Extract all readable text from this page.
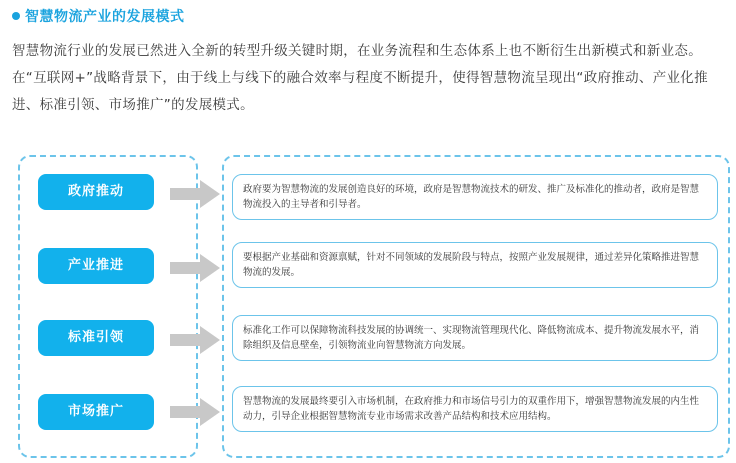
智慧物流产业的发展模式
智慧物流行业的发展已然进入全新的转型升级关键时期，在业务流程和生态体系上也不断衍生出新模式和新业态。在“互联网+”战略背景下，由于线上与线下的融合效率与程度不断提升，使得智慧物流呈现出“政府推动、产业化推进、标准引领、市场推广”的发展模式。
政府推动	政府要为智慧物流的发展创造良好的环境，政府是智慧物流技术的研发、推广及标准化的推动者，政府是智慧物流投入的主导者和引导者。
产业推进
要根据产业基础和资源禀赋，针对不同领域的发展阶段与特点，按照产业发展规律，通过差异化策略推进智慧物流的发展。
标准引领	标准化工作可以保障物流科技发展的协调统一、实现物流管理现代化、降低物流成本、提升物流发展水平，消除组织及信息壁垒，引领物流业向智慧物流方向发展。
市场推广
智慧物流的发展最终要引入市场机制，在政府推力和市场信号引力的双重作用下，增强智慧物流发展的内生性动力，引导企业根据智慧物流专业市场需求改善产品结构和技术应用结构。
